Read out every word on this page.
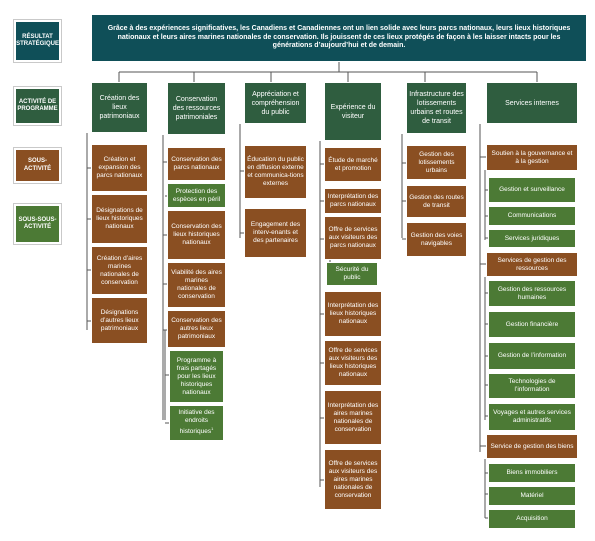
RÉSULTAT STRATÉGIQUE
ACTIVITÉ DE PROGRAMME
SOUS-ACTIVITÉ
SOUS-SOUS-ACTIVITÉ
Grâce à des expériences significatives, les Canadiens et Canadiennes ont un lien solide avec leurs parcs nationaux, leurs lieux historiques nationaux et leurs aires marines nationales de conservation. Ils jouissent de ces lieux protégés de façon à les laisser intacts pour les générations d’aujourd’hui et de demain.
Création des lieux patrimoniaux
Conservation des ressources patrimoniales
Appréciation et compréhension du public
Expérience du visiteur
Infrastructure des lotissements urbains et routes de transit
Services internes
Création et expansion des parcs nationaux
Désignations de lieux historiques nationaux
Création d’aires marines nationales de conservation
Désignations d’autres lieux patrimoniaux
Conservation des parcs nationaux
Protection des espèces en péril
Conservation des lieux historiques nationaux
Viabilité des aires marines nationales de conservation
Conservation des autres lieux patrimoniaux
Programme à frais partagés pour les lieux historiques nationaux
Initiative des endroits historiques$^1$
Éducation du public en diffusion externe et communica-tions externes
Engagement des interv-enants et des partenaires
Étude de marché et promotion
Interprétation des parcs nationaux
Offre de services aux visiteurs des parcs nationaux
Sécurité du public
Interprétation des lieux historiques nationaux
Offre de services aux visiteurs des lieux historiques nationaux
Interprétation des aires marines nationales de conservation
Offre de services aux visiteurs des aires marines nationales de conservation
Gestion des lotissements urbains
Gestion des routes de transit
Gestion des voies navigables
Soutien à la gouvernance et à la gestion
Gestion et surveillance
Communications
Services juridiques
Services de gestion des ressources
Gestion des ressources humaines
Gestion financière
Gestion de l’information
Technologies de l’information
Voyages et autres services administratifs
Service de gestion des biens
Biens immobiliers
Matériel
Acquisition
